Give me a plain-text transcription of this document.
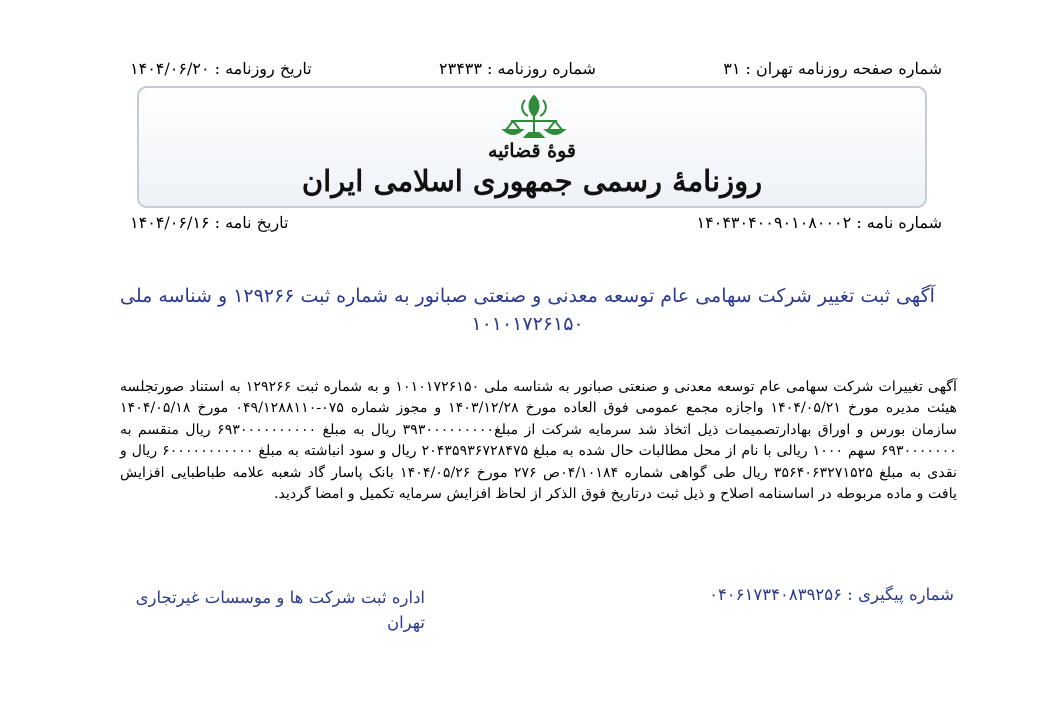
شماره صفحه روزنامه تهران : ۳۱
شماره روزنامه : ۲۳۴۳۳
تاریخ روزنامه : ۱۴۰۴/۰۶/۲۰
قوهٔ قضائیه
روزنامهٔ رسمی جمهوری اسلامی ایران
شماره نامه : ۱۴۰۴۳۰۴۰۰۹۰۱۰۸۰۰۰۲
تاریخ نامه : ۱۴۰۴/۰۶/۱۶
آگهی ثبت تغییر شرکت سهامی عام توسعه معدنی و صنعتی صبانور به شماره ثبت ۱۲۹۲۶۶ و شناسه ملی ۱۰۱۰۱۷۲۶۱۵۰
آگهی تغییرات شرکت سهامی عام توسعه معدنی و صنعتی صبانور به شناسه ملی ۱۰۱۰۱۷۲۶۱۵۰ و به شماره ثبت ۱۲۹۲۶۶ به استناد صورتجلسه هیئت مدیره مورخ ۱۴۰۴/۰۵/۲۱ واجازه مجمع عمومی فوق العاده مورخ ۱۴۰۳/۱۲/۲۸ و مجوز شماره ۰۷۵-۰۴۹/۱۲۸۸۱۱۰ مورخ ۱۴۰۴/۰۵/۱۸ سازمان بورس و اوراق بهادارتصمیمات ذیل اتخاذ شد سرمایه شرکت از مبلغ۳۹۳۰۰۰۰۰۰۰۰۰ ریال به مبلغ ۶۹۳۰۰۰۰۰۰۰۰۰۰ ریال منقسم به ۶۹۳۰۰۰۰۰۰۰ سهم ۱۰۰۰ ریالی با نام از محل مطالبات حال شده به مبلغ ۲۰۴۳۵۹۳۶۷۲۸۴۷۵ ریال و سود انباشته به مبلغ ۶۰۰۰۰۰۰۰۰۰۰۰ ریال و نقدی به مبلغ ۳۵۶۴۰۶۳۲۷۱۵۲۵ ریال طی گواهی شماره ۰۴/۱۰۱۸۴ص ۲۷۶ مورخ ۱۴۰۴/۰۵/۲۶ بانک پاسار گاد شعبه علامه طباطبایی افزایش یافت و ماده مربوطه در اساسنامه اصلاح و ذیل ثبت درتاریخ فوق الذکر از لحاظ افزایش سرمایه تکمیل و امضا گردید.
شماره پیگیری : ۰۴۰۶۱۷۳۴۰۸۳۹۲۵۶
اداره ثبت شرکت ها و موسسات غیرتجاری
تهران
